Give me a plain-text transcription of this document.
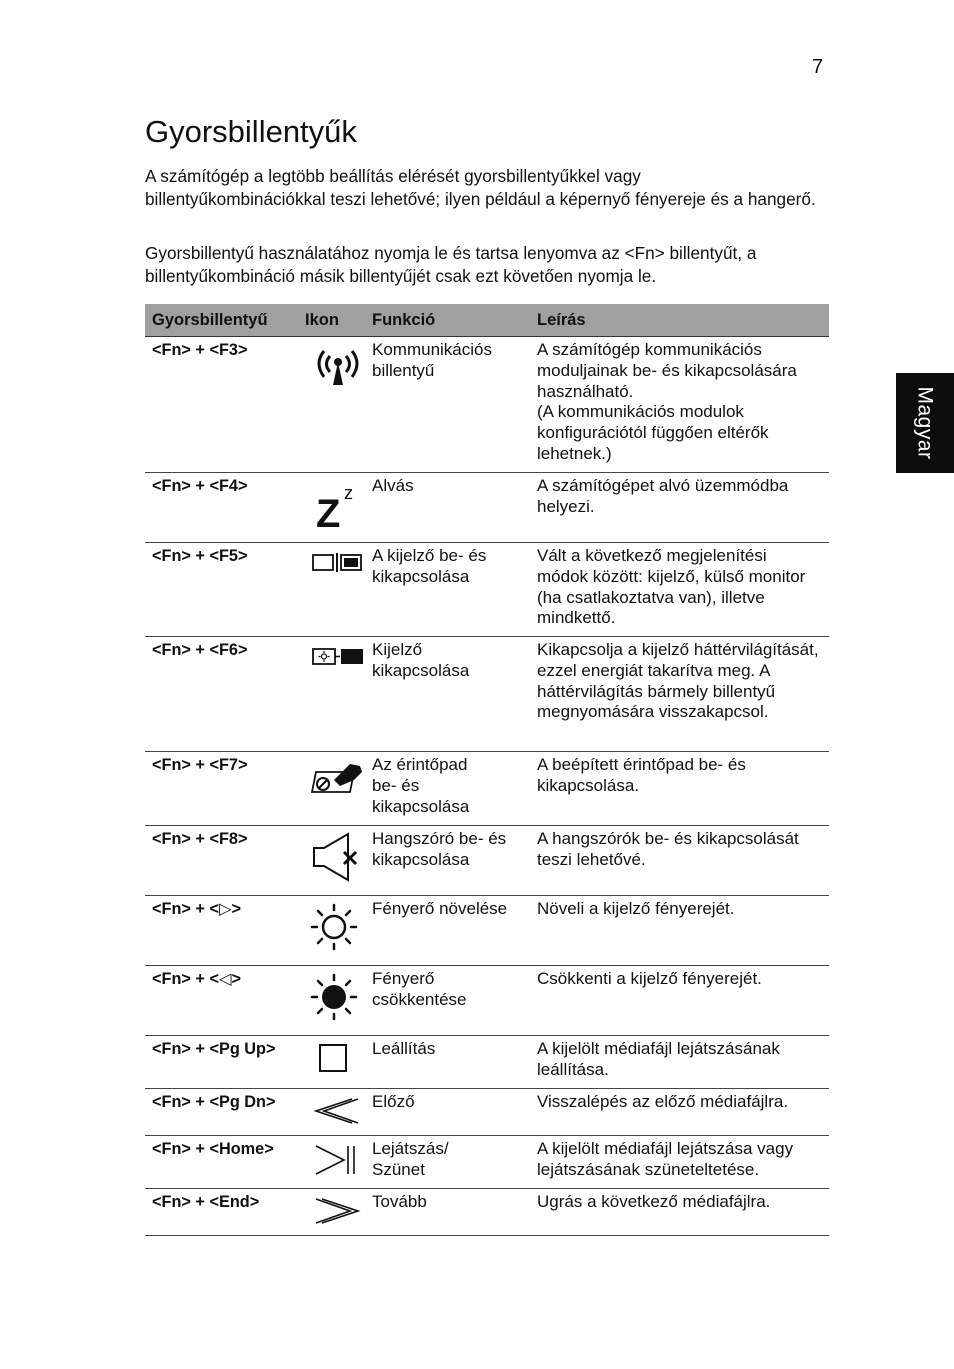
7
Magyar
Gyorsbillentyűk

A számítógép a legtöbb beállítás elérését gyorsbillentyűkkel vagy billentyűkombinációkkal teszi lehetővé; ilyen például a képernyő fényereje és a hangerő.

Gyorsbillentyű használatához nyomja le és tartsa lenyomva az <Fn> billentyűt, a billentyűkombináció másik billentyűjét csak ezt követően nyomja le.

Gyorsbillentyű	Ikon	Funkció	Leírás
<Fn> + <F3>		Kommunikációs billentyű	A számítógép kommunikációs moduljainak be- és kikapcsolására használható.
(A kommunikációs modulok konfigurációtól függően eltérők lehetnek.)
<Fn> + <F4>	Z z	Alvás	A számítógépet alvó üzemmódba helyezi.
<Fn> + <F5>		A kijelző be- és kikapcsolása	Vált a következő megjelenítési módok között: kijelző, külső monitor (ha csatlakoztatva van), illetve mindkettő.
<Fn> + <F6>		Kijelző kikapcsolása	Kikapcsolja a kijelző háttérvilágítását, ezzel energiát takarítva meg. A háttérvilágítás bármely billentyű megnyomására visszakapcsol.
<Fn> + <F7>		Az érintőpad
be- és
kikapcsolása	A beépített érintőpad be- és kikapcsolása.
<Fn> + <F8>		Hangszóró be- és kikapcsolása	A hangszórók be- és kikapcsolását teszi lehetővé.
<Fn> + <▷>		Fényerő növelése	Növeli a kijelző fényerejét.
<Fn> + <◁>		Fényerő csökkentése	Csökkenti a kijelző fényerejét.
<Fn> + <Pg Up>		Leállítás	A kijelölt médiafájl lejátszásának leállítása.
<Fn> + <Pg Dn>		Előző	Visszalépés az előző médiafájlra.
<Fn> + <Home>		Lejátszás/
Szünet	A kijelölt médiafájl lejátszása vagy lejátszásának szüneteltetése.
<Fn> + <End>		Tovább	Ugrás a következő médiafájlra.
